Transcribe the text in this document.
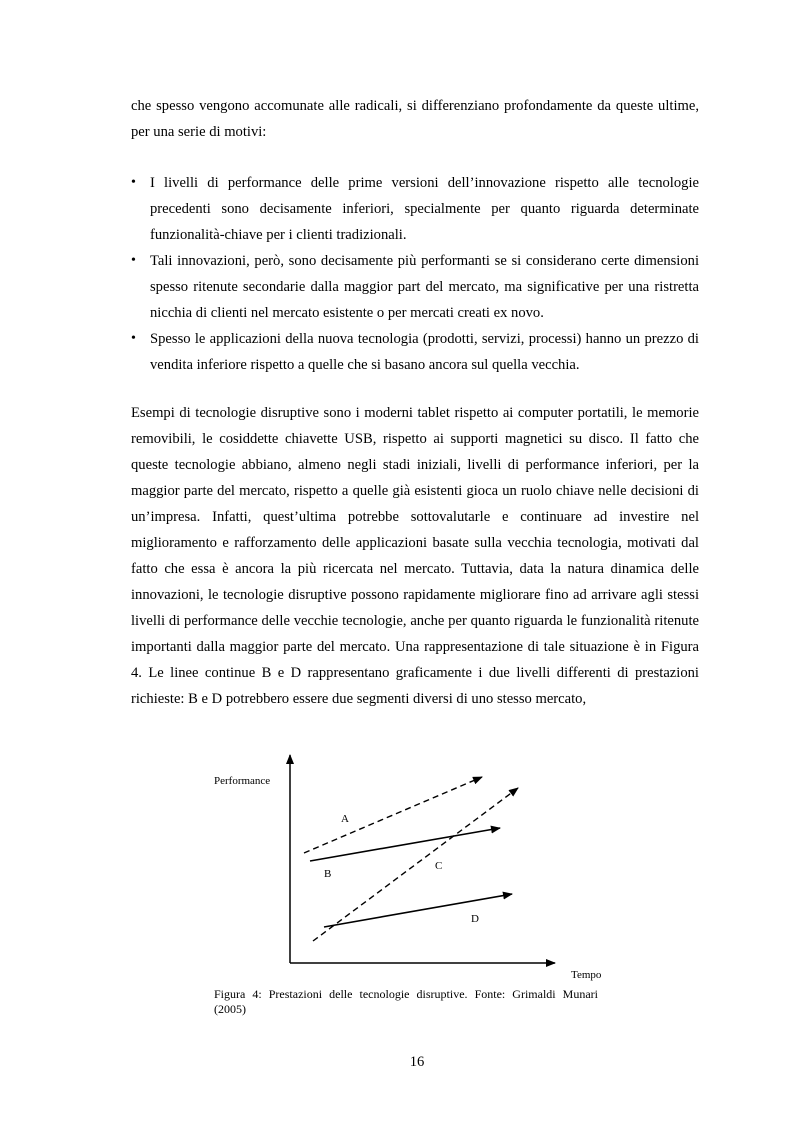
che spesso vengono accomunate alle radicali, si differenziano profondamente da queste ultime, per una serie di motivi:

• I livelli di performance delle prime versioni dell’innovazione rispetto alle tecnologie precedenti sono decisamente inferiori, specialmente per quanto riguarda determinate funzionalità-chiave per i clienti tradizionali.
• Tali innovazioni, però, sono decisamente più performanti se si considerano certe dimensioni spesso ritenute secondarie dalla maggior part del mercato, ma significative per una ristretta nicchia di clienti nel mercato esistente o per mercati creati ex novo.
• Spesso le applicazioni della nuova tecnologia (prodotti, servizi, processi) hanno un prezzo di vendita inferiore rispetto a quelle che si basano ancora sul quella vecchia.

Esempi di tecnologie disruptive sono i moderni tablet rispetto ai computer portatili, le memorie removibili, le cosiddette chiavette USB, rispetto ai supporti magnetici su disco. Il fatto che queste tecnologie abbiano, almeno negli stadi iniziali, livelli di performance inferiori, per la maggior parte del mercato, rispetto a quelle già esistenti gioca un ruolo chiave nelle decisioni di un’impresa. Infatti, quest’ultima potrebbe sottovalutarle e continuare ad investire nel miglioramento e rafforzamento delle applicazioni basate sulla vecchia tecnologia, motivati dal fatto che essa è ancora la più ricercata nel mercato. Tuttavia, data la natura dinamica delle innovazioni, le tecnologie disruptive possono rapidamente migliorare fino ad arrivare agli stessi livelli di performance delle vecchie tecnologie, anche per quanto riguarda le funzionalità ritenute importanti dalla maggior parte del mercato. Una rappresentazione di tale situazione è in Figura 4. Le linee continue B e D rappresentano graficamente i due livelli differenti di prestazioni richieste: B e D potrebbero essere due segmenti diversi di uno stesso mercato,

Performance
Tempo
A
B
C
D

Figura 4: Prestazioni delle tecnologie disruptive. Fonte: Grimaldi Munari (2005)

16
